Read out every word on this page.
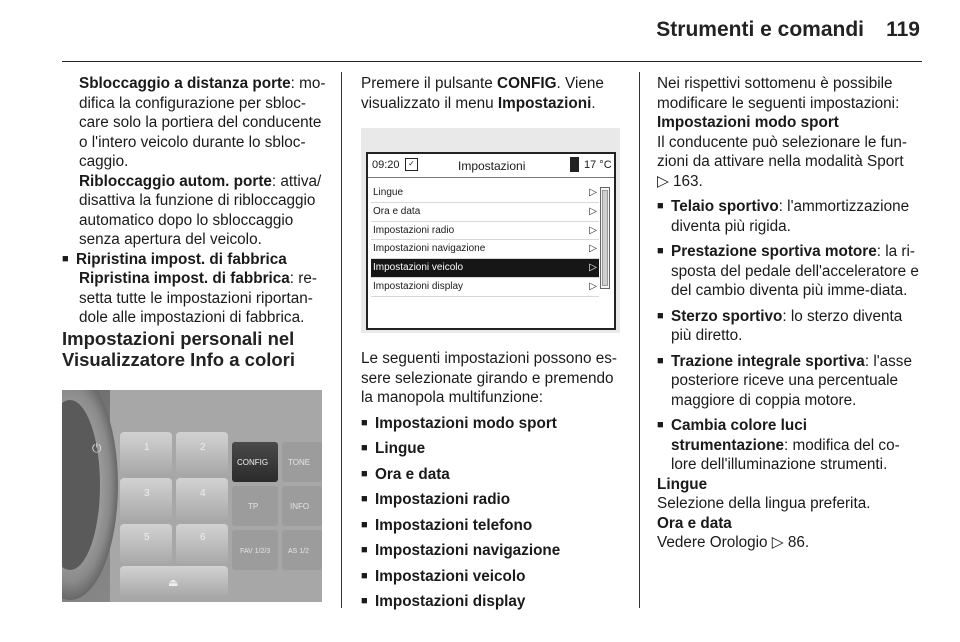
Strumenti e comandi 119

Sbloccaggio a distanza porte: mo-difica la configurazione per sbloc-care solo la portiera del conducente o l'intero veicolo durante lo sbloc-caggio.

Ribloccaggio autom. porte: attiva/ disattiva la funzione di ribloccaggio automatico dopo lo sbloccaggio senza apertura del veicolo.

■ Ripristina impost. di fabbrica

Ripristina impost. di fabbrica: re-setta tutte le impostazioni riportan-dole alle impostazioni di fabbrica.

Impostazioni personali nel Visualizzatore Info a colori

⏻	1	2
3	4
5	6
⏏
CONFIG TONE
TP	INFO
FAV 1/2/3	AS 1/2

Premere il pulsante CONFIG. Viene visualizzato il menu Impostazioni.

09:20	✓	Impostazioni	17 °C
Lingue	▷
Ora e data	▷
Impostazioni radio	▷
Impostazioni navigazione	▷
Impostazioni veicolo	▷
Impostazioni display	▷

Le seguenti impostazioni possono es-sere selezionate girando e premendo la manopola multifunzione:

■ Impostazioni modo sport

■ Lingue

■ Ora e data

■ Impostazioni radio

■ Impostazioni telefono

■ Impostazioni navigazione

■ Impostazioni veicolo

■ Impostazioni display

Nei rispettivi sottomenu è possibile modificare le seguenti impostazioni:

Impostazioni modo sport

Il conducente può selezionare le fun-zioni da attivare nella modalità Sport
▷ 163.

■ Telaio sportivo: l'ammortizzazione diventa più rigida.

■ Prestazione sportiva motore: la ri-sposta del pedale dell'acceleratore e del cambio diventa più imme-diata.

■ Sterzo sportivo: lo sterzo diventa più diretto.

■ Trazione integrale sportiva: l'asse posteriore riceve una percentuale maggiore di coppia motore.

■ Cambia colore luci strumentazione: modifica del co-lore dell'illuminazione strumenti.

Lingue

Selezione della lingua preferita.

Ora e data

Vedere Orologio ▷ 86.
